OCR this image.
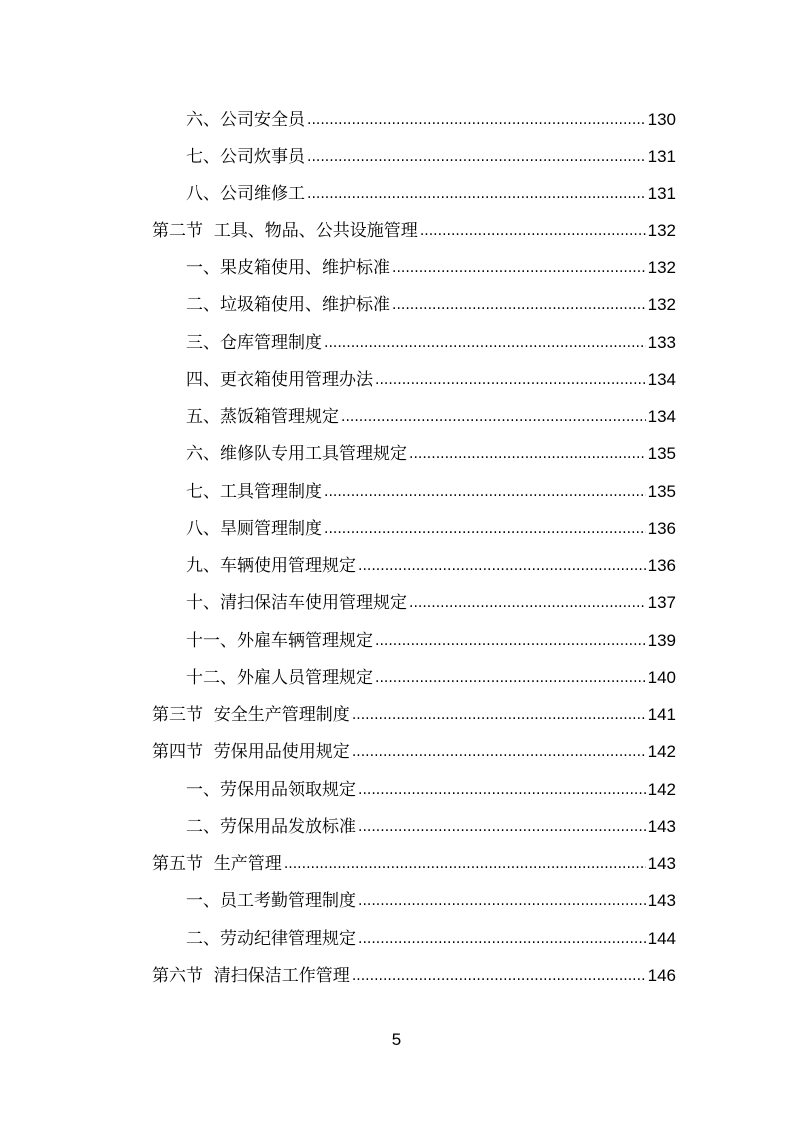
六、公司安全员 .....	130
七、公司炊事员 .....	131
八、公司维修工 .....	131
第二节  工具、物品、公共设施管理 .....	132
一、果皮箱使用、维护标准 .....	132
二、垃圾箱使用、维护标准 .....	132
三、仓库管理制度 .....	133
四、更衣箱使用管理办法 .....	134
五、蒸饭箱管理规定 .....	134
六、维修队专用工具管理规定 .....	135
七、工具管理制度 .....	135
八、旱厕管理制度 .....	136
九、车辆使用管理规定 .....	136
十、清扫保洁车使用管理规定 .....	137
十一、外雇车辆管理规定 .....	139
十二、外雇人员管理规定 .....	140
第三节  安全生产管理制度 .....	141
第四节  劳保用品使用规定 .....	142
一、劳保用品领取规定 .....	142
二、劳保用品发放标准 .....	143
第五节  生产管理 .....	143
一、员工考勤管理制度 .....	143
二、劳动纪律管理规定 .....	144
第六节  清扫保洁工作管理 .....	146
5
